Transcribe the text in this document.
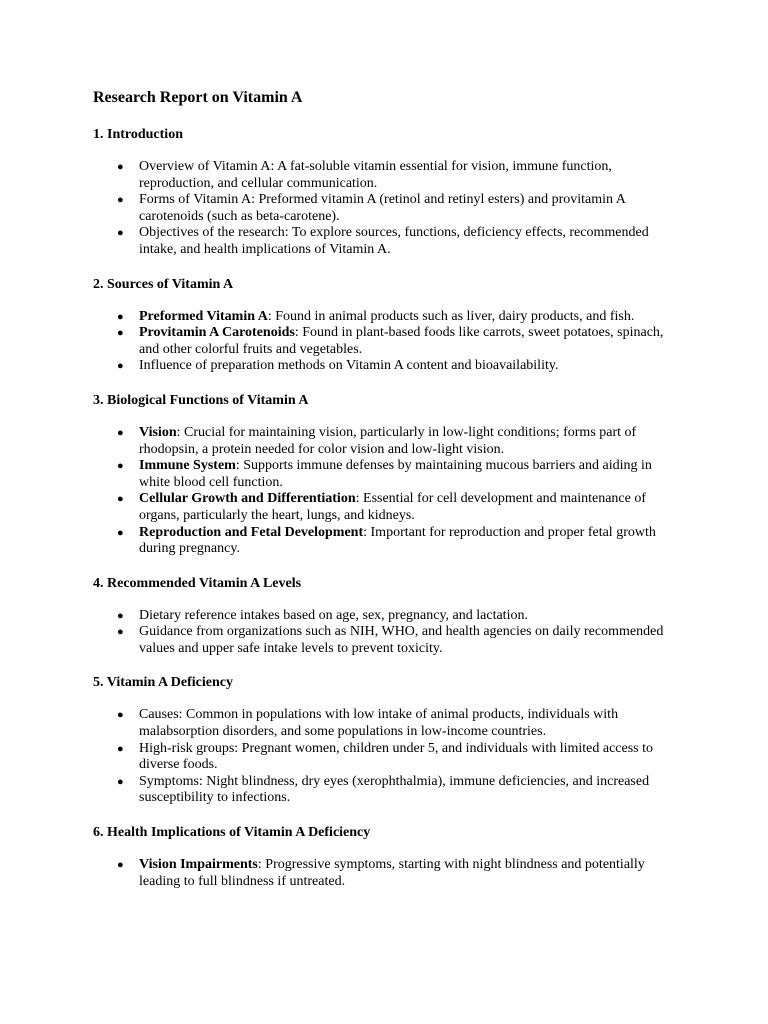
Research Report on Vitamin A
1. Introduction
● Overview of Vitamin A: A fat-soluble vitamin essential for vision, immune function, reproduction, and cellular communication.
● Forms of Vitamin A: Preformed vitamin A (retinol and retinyl esters) and provitamin A carotenoids (such as beta-carotene).
● Objectives of the research: To explore sources, functions, deficiency effects, recommended intake, and health implications of Vitamin A.
2. Sources of Vitamin A
● Preformed Vitamin A: Found in animal products such as liver, dairy products, and fish.
● Provitamin A Carotenoids: Found in plant-based foods like carrots, sweet potatoes, spinach, and other colorful fruits and vegetables.
● Influence of preparation methods on Vitamin A content and bioavailability.
3. Biological Functions of Vitamin A
● Vision: Crucial for maintaining vision, particularly in low-light conditions; forms part of rhodopsin, a protein needed for color vision and low-light vision.
● Immune System: Supports immune defenses by maintaining mucous barriers and aiding in white blood cell function.
● Cellular Growth and Differentiation: Essential for cell development and maintenance of organs, particularly the heart, lungs, and kidneys.
● Reproduction and Fetal Development: Important for reproduction and proper fetal growth during pregnancy.
4. Recommended Vitamin A Levels
● Dietary reference intakes based on age, sex, pregnancy, and lactation.
● Guidance from organizations such as NIH, WHO, and health agencies on daily recommended values and upper safe intake levels to prevent toxicity.
5. Vitamin A Deficiency
● Causes: Common in populations with low intake of animal products, individuals with malabsorption disorders, and some populations in low-income countries.
● High-risk groups: Pregnant women, children under 5, and individuals with limited access to diverse foods.
● Symptoms: Night blindness, dry eyes (xerophthalmia), immune deficiencies, and increased susceptibility to infections.
6. Health Implications of Vitamin A Deficiency
● Vision Impairments: Progressive symptoms, starting with night blindness and potentially leading to full blindness if untreated.
